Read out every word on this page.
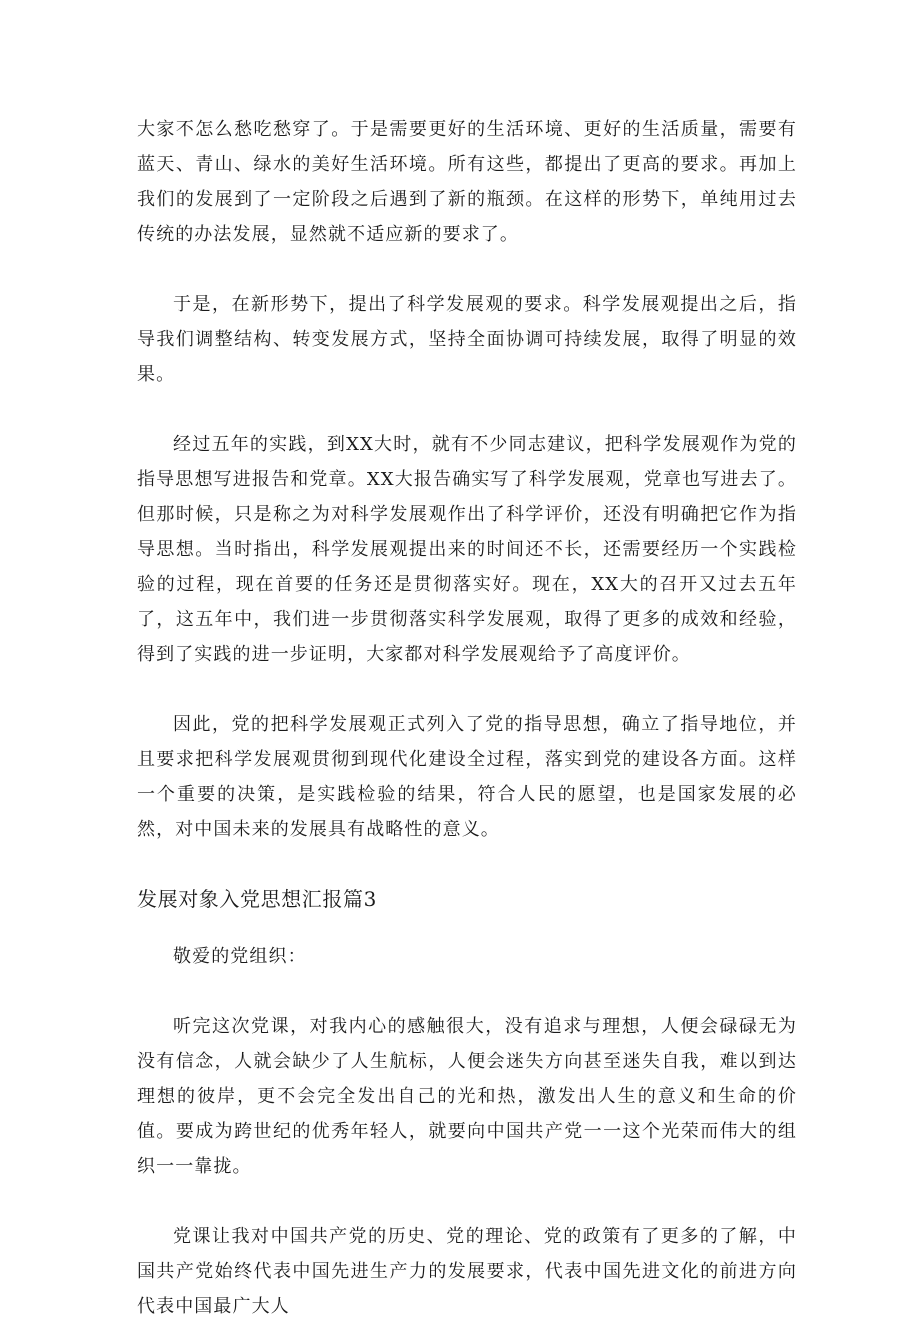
大家不怎么愁吃愁穿了。于是需要更好的生活环境、更好的生活质量，需要有蓝天、青山、绿水的美好生活环境。所有这些，都提出了更高的要求。再加上我们的发展到了一定阶段之后遇到了新的瓶颈。在这样的形势下，单纯用过去传统的办法发展，显然就不适应新的要求了。

于是，在新形势下，提出了科学发展观的要求。科学发展观提出之后，指导我们调整结构、转变发展方式，坚持全面协调可持续发展，取得了明显的效果。

经过五年的实践，到XX大时，就有不少同志建议，把科学发展观作为党的指导思想写进报告和党章。XX大报告确实写了科学发展观，党章也写进去了。但那时候，只是称之为对科学发展观作出了科学评价，还没有明确把它作为指导思想。当时指出，科学发展观提出来的时间还不长，还需要经历一个实践检验的过程，现在首要的任务还是贯彻落实好。现在，XX大的召开又过去五年了，这五年中，我们进一步贯彻落实科学发展观，取得了更多的成效和经验，得到了实践的进一步证明，大家都对科学发展观给予了高度评价。

因此，党的把科学发展观正式列入了党的指导思想，确立了指导地位，并且要求把科学发展观贯彻到现代化建设全过程，落实到党的建设各方面。这样一个重要的决策，是实践检验的结果，符合人民的愿望，也是国家发展的必然，对中国未来的发展具有战略性的意义。

发展对象入党思想汇报篇3

敬爱的党组织：

听完这次党课，对我内心的感触很大，没有追求与理想，人便会碌碌无为没有信念，人就会缺少了人生航标，人便会迷失方向甚至迷失自我，难以到达理想的彼岸，更不会完全发出自己的光和热，激发出人生的意义和生命的价值。要成为跨世纪的优秀年轻人，就要向中国共产党一一这个光荣而伟大的组织一一靠拢。

党课让我对中国共产党的历史、党的理论、党的政策有了更多的了解，中国共产党始终代表中国先进生产力的发展要求，代表中国先进文化的前进方向代表中国最广大人
